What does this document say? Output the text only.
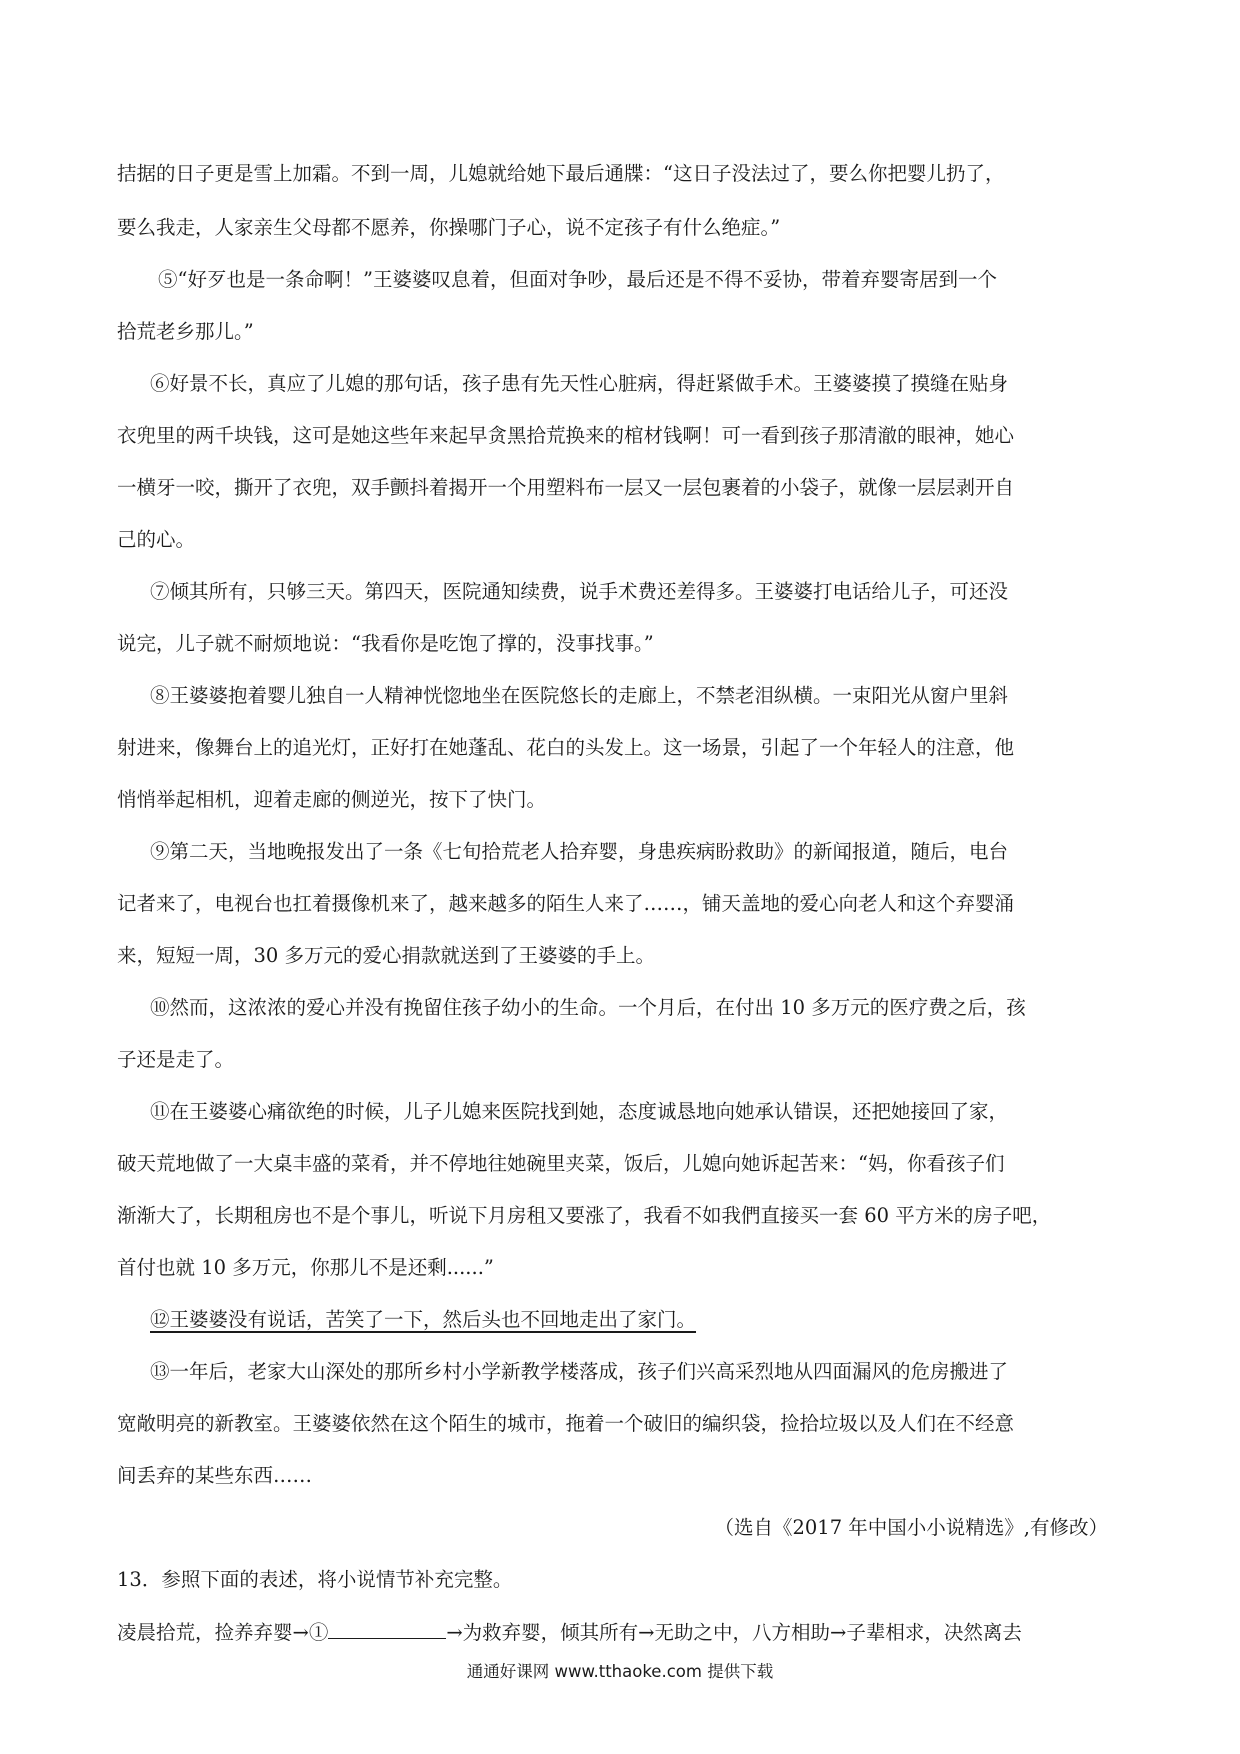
拮据的日子更是雪上加霜。不到一周，儿媳就给她下最后通牒：“这日子没法过了，要么你把婴儿扔了，
要么我走，人家亲生父母都不愿养，你操哪门子心，说不定孩子有什么绝症。”
⑤“好歹也是一条命啊！”王婆婆叹息着，但面对争吵，最后还是不得不妥协，带着弃婴寄居到一个
拾荒老乡那儿。”
⑥好景不长，真应了儿媳的那句话，孩子患有先天性心脏病，得赶紧做手术。王婆婆摸了摸缝在贴身
衣兜里的两千块钱，这可是她这些年来起早贪黑拾荒换来的棺材钱啊！可一看到孩子那清澈的眼神，她心
一横牙一咬，撕开了衣兜，双手颤抖着揭开一个用塑料布一层又一层包裹着的小袋子，就像一层层剥开自
己的心。
⑦倾其所有，只够三天。第四天，医院通知续费，说手术费还差得多。王婆婆打电话给儿子，可还没
说完，儿子就不耐烦地说：“我看你是吃饱了撑的，没事找事。”
⑧王婆婆抱着婴儿独自一人精神恍惚地坐在医院悠长的走廊上，不禁老泪纵横。一束阳光从窗户里斜
射进来，像舞台上的追光灯，正好打在她蓬乱、花白的头发上。这一场景，引起了一个年轻人的注意，他
悄悄举起相机，迎着走廊的侧逆光，按下了快门。
⑨第二天，当地晚报发出了一条《七旬拾荒老人拾弃婴，身患疾病盼救助》的新闻报道，随后，电台
记者来了，电视台也扛着摄像机来了，越来越多的陌生人来了……，铺天盖地的爱心向老人和这个弃婴涌
来，短短一周，30 多万元的爱心捐款就送到了王婆婆的手上。
⑩然而，这浓浓的爱心并没有挽留住孩子幼小的生命。一个月后，在付出 10 多万元的医疗费之后，孩
子还是走了。
⑪在王婆婆心痛欲绝的时候，儿子儿媳来医院找到她，态度诚恳地向她承认错误，还把她接回了家，
破天荒地做了一大桌丰盛的菜肴，并不停地往她碗里夹菜，饭后，儿媳向她诉起苦来：“妈，你看孩子们
渐渐大了，长期租房也不是个事儿，听说下月房租又要涨了，我看不如我們直接买一套 60 平方米的房子吧，
首付也就 10 多万元，你那儿不是还剩......”
⑫王婆婆没有说话，苦笑了一下，然后头也不回地走出了家门。
⑬一年后，老家大山深处的那所乡村小学新教学楼落成，孩子们兴高采烈地从四面漏风的危房搬进了
宽敞明亮的新教室。王婆婆依然在这个陌生的城市，拖着一个破旧的编织袋，捡拾垃圾以及人们在不经意
间丢弃的某些东西……
（选自《2017 年中国小小说精选》,有修改）
13．参照下面的表述，将小说情节补充完整。
凌晨拾荒，捡养弃婴→①	→为救弃婴，倾其所有→无助之中，八方相助→子辈相求，决然离去
通通好课网 www.tthaoke.com 提供下载
